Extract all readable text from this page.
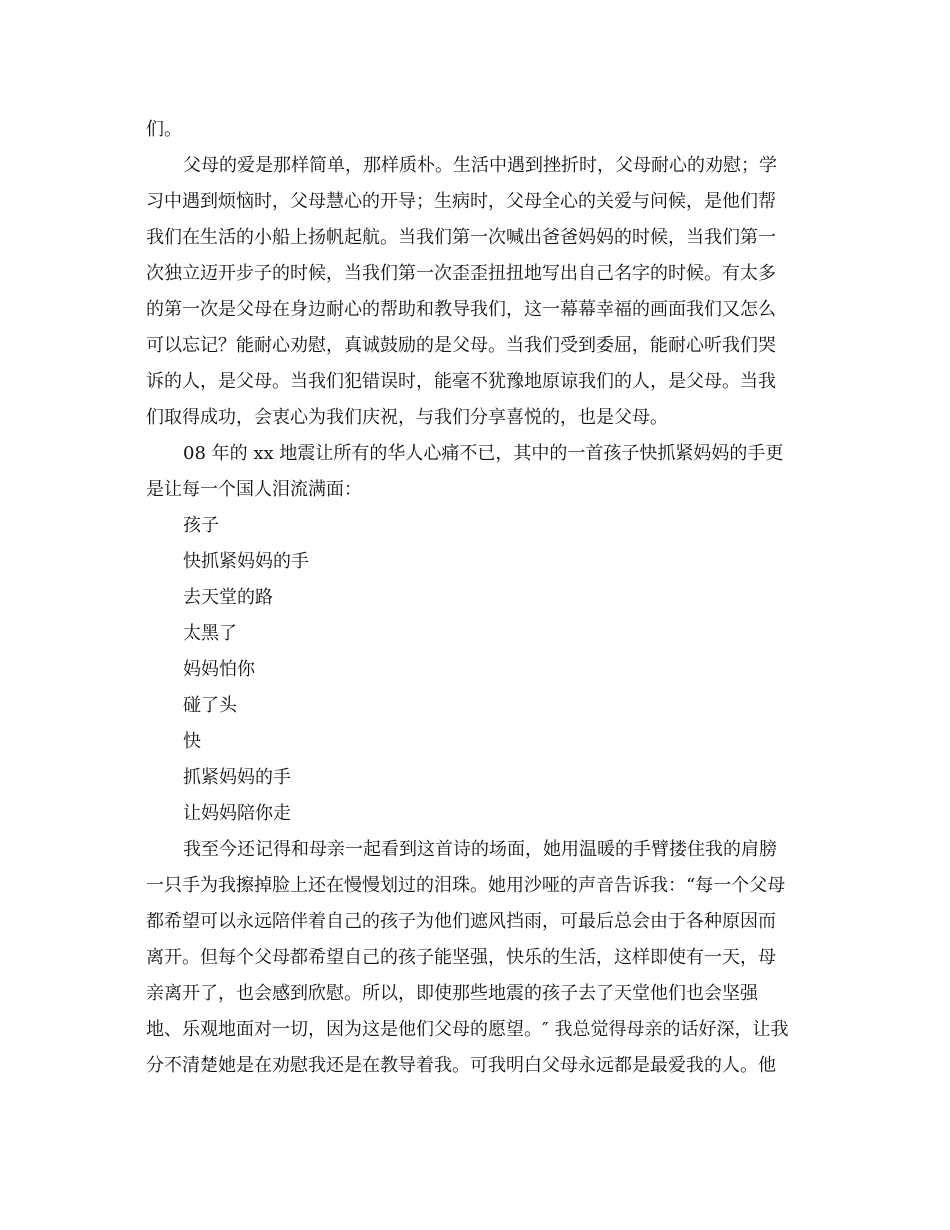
们。
父母的爱是那样简单，那样质朴。生活中遇到挫折时，父母耐心的劝慰；学
习中遇到烦恼时，父母慧心的开导；生病时，父母全心的关爱与问候，是他们帮
我们在生活的小船上扬帆起航。当我们第一次喊出爸爸妈妈的时候，当我们第一
次独立迈开步子的时候，当我们第一次歪歪扭扭地写出自己名字的时候。有太多
的第一次是父母在身边耐心的帮助和教导我们，这一幕幕幸福的画面我们又怎么
可以忘记？能耐心劝慰，真诚鼓励的是父母。当我们受到委屈，能耐心听我们哭
诉的人，是父母。当我们犯错误时，能毫不犹豫地原谅我们的人，是父母。当我
们取得成功，会衷心为我们庆祝，与我们分享喜悦的，也是父母。
08 年的 xx 地震让所有的华人心痛不已，其中的一首孩子快抓紧妈妈的手更
是让每一个国人泪流满面：
孩子
快抓紧妈妈的手
去天堂的路
太黑了
妈妈怕你
碰了头
快
抓紧妈妈的手
让妈妈陪你走
我至今还记得和母亲一起看到这首诗的场面，她用温暖的手臂搂住我的肩膀
一只手为我擦掉脸上还在慢慢划过的泪珠。她用沙哑的声音告诉我：“每一个父母
都希望可以永远陪伴着自己的孩子为他们遮风挡雨，可最后总会由于各种原因而
离开。但每个父母都希望自己的孩子能坚强，快乐的生活，这样即使有一天，母
亲离开了，也会感到欣慰。所以，即使那些地震的孩子去了天堂他们也会坚强
地、乐观地面对一切，因为这是他们父母的愿望。″ 我总觉得母亲的话好深，让我
分不清楚她是在劝慰我还是在教导着我。可我明白父母永远都是最爱我的人。他
